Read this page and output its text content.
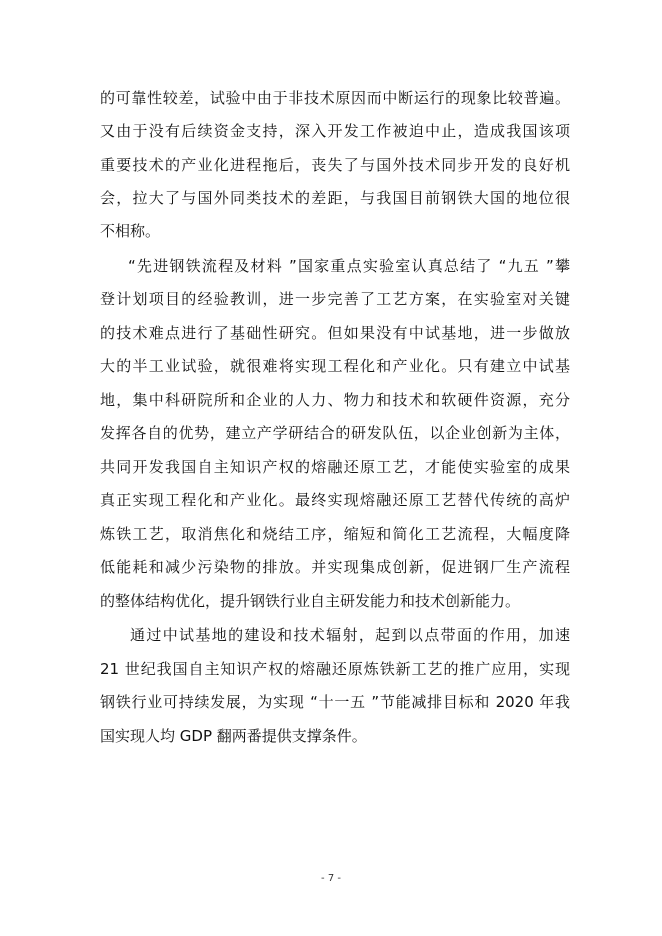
的可靠性较差，试验中由于非技术原因而中断运行的现象比较普遍。
又由于没有后续资金支持，深入开发工作被迫中止，造成我国该项
重要技术的产业化进程拖后，丧失了与国外技术同步开发的良好机
会，拉大了与国外同类技术的差距，与我国目前钢铁大国的地位很
不相称。
“先进钢铁流程及材料 ”国家重点实验室认真总结了 “九五 ”攀
登计划项目的经验教训，进一步完善了工艺方案，在实验室对关键
的技术难点进行了基础性研究。但如果没有中试基地，进一步做放
大的半工业试验，就很难将实现工程化和产业化。只有建立中试基
地，集中科研院所和企业的人力、物力和技术和软硬件资源，充分
发挥各自的优势，建立产学研结合的研发队伍，以企业创新为主体，
共同开发我国自主知识产权的熔融还原工艺，才能使实验室的成果
真正实现工程化和产业化。最终实现熔融还原工艺替代传统的高炉
炼铁工艺，取消焦化和烧结工序，缩短和简化工艺流程，大幅度降
低能耗和减少污染物的排放。并实现集成创新，促进钢厂生产流程
的整体结构优化，提升钢铁行业自主研发能力和技术创新能力。
通过中试基地的建设和技术辐射，起到以点带面的作用，加速
21 世纪我国自主知识产权的熔融还原炼铁新工艺的推广应用，实现
钢铁行业可持续发展，为实现 “十一五 ”节能减排目标和 2020 年我
国实现人均 GDP 翻两番提供支撑条件。
- 7 -
